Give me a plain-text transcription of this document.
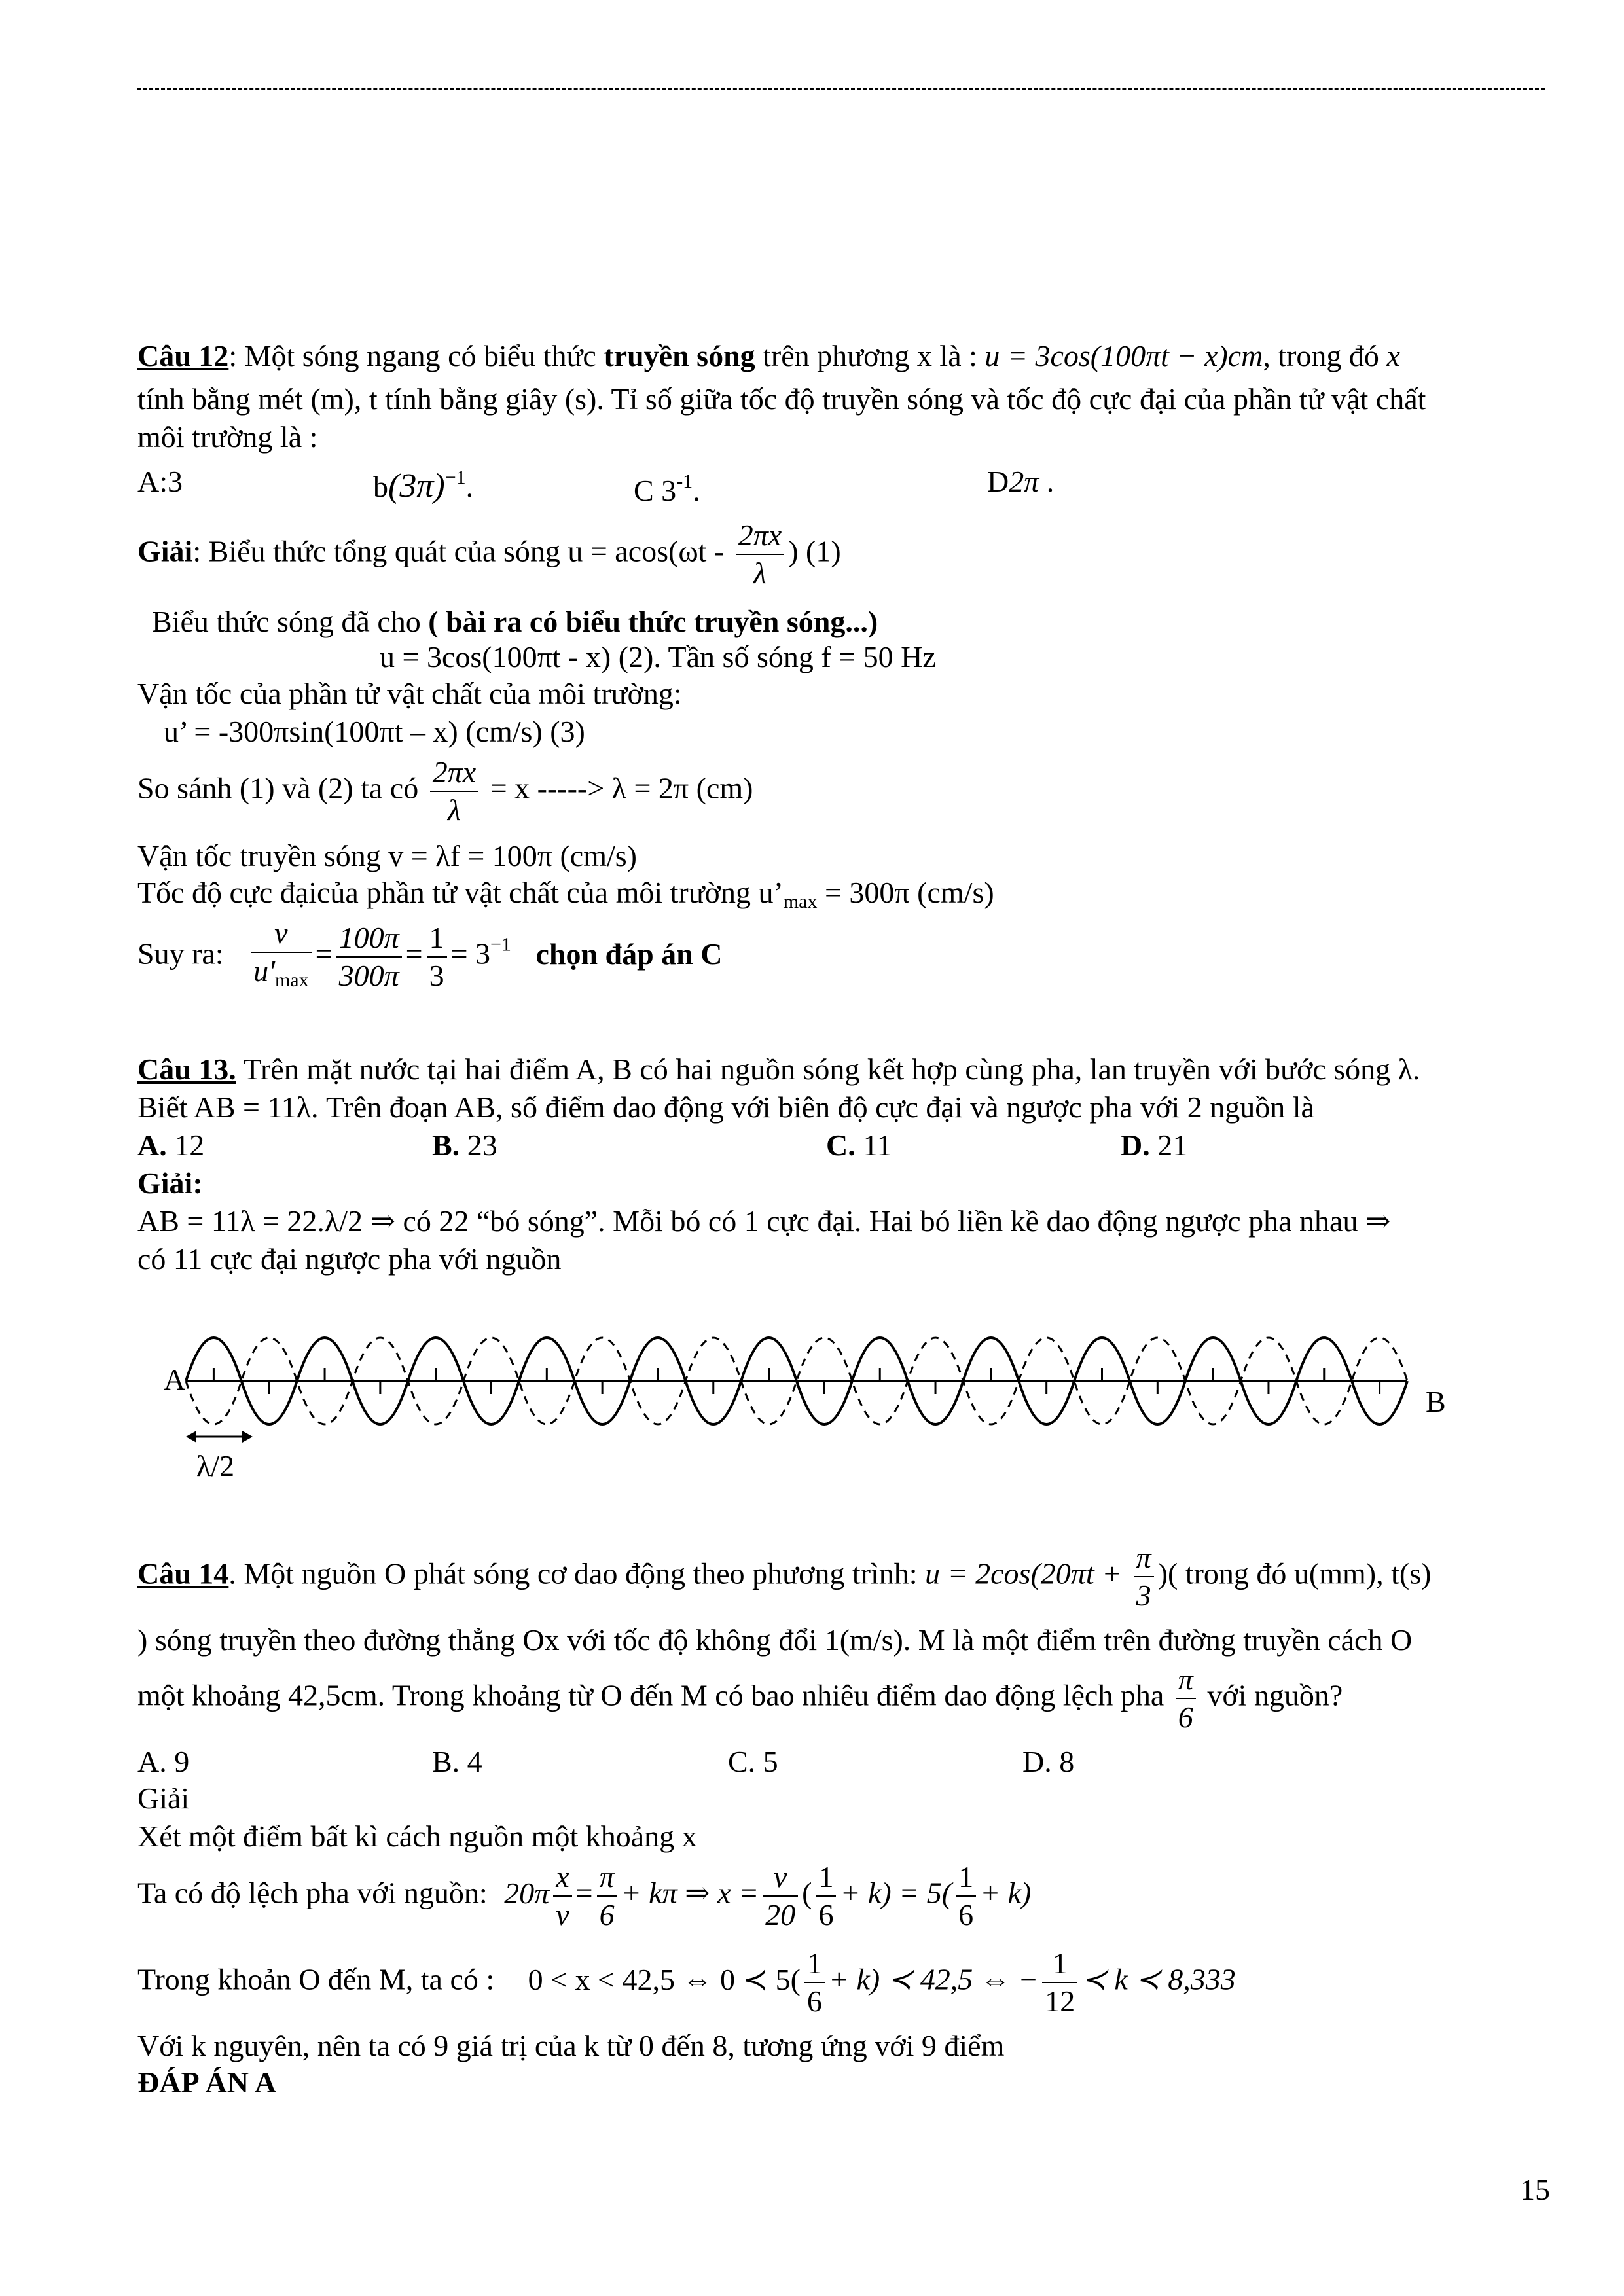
Câu 12: Một sóng ngang có biểu thức truyền sóng trên phương x là : u = 3cos(100πt − x)cm, trong đó x
tính bằng mét (m), t tính bằng giây (s). Tỉ số giữa tốc độ truyền sóng và tốc độ cực đại của phần tử vật chất
môi trường là :
A:3	$b(3\pi)^{-1}$.	C $3^{-1}$.	D2π .
Giải: Biểu thức tổng quát của sóng $u = acos(\omega t - \frac{2\pi x}{\lambda}$ ) (1)
Biểu thức sóng đã cho ( bài ra có biểu thức truyền sóng...)
u = 3cos(100πt - x) (2). Tần số sóng f = 50 Hz
Vận tốc của phần tử vật chất của môi trường:
u’ = -300πsin(100πt – x) (cm/s) (3)
So sánh (1) và (2) ta có $\frac{2\pi x}{\lambda} = x$ -----> λ = 2π (cm)
Vận tốc truyền sóng v = λf = 100π (cm/s)
Tốc độ cực đạicủa phần tử vật chất của môi trường $u’_{max} = 300\pi$ (cm/s)
Suy ra: $\frac{v}{u'_{max}} = \frac{100\pi}{300\pi} = \frac{1}{3} = 3^{-1}$ chọn đáp án C
Câu 13. Trên mặt nước tại hai điểm A, B có hai nguồn sóng kết hợp cùng pha, lan truyền với bước sóng λ.
Biết AB = 11λ. Trên đoạn AB, số điểm dao động với biên độ cực đại và ngược pha với 2 nguồn là
A. 12	B. 23	C. 11	D. 21
Giải:
AB = 11λ = 22.λ/2 ⇒ có 22 “bó sóng”. Mỗi bó có 1 cực đại. Hai bó liền kề dao động ngược pha nhau ⇒
có 11 cực đại ngược pha với nguồn
A
B
λ/2
Câu 14. Một nguồn O phát sóng cơ dao động theo phương trình: $u = 2\cos(20\pi t + \frac{\pi}{3}$ )( trong đó u(mm), t(s)
) sóng truyền theo đường thẳng Ox với tốc độ không đổi 1(m/s). M là một điểm trên đường truyền cách O
một khoảng 42,5cm. Trong khoảng từ O đến M có bao nhiêu điểm dao động lệch pha $\frac{\pi}{6}$ với nguồn?
A. 9	B. 4	C. 5	D. 8
Giải
Xét một điểm bất kì cách nguồn một khoảng x
Ta có độ lệch pha với nguồn: $20\pi \frac{x}{v} = \frac{\pi}{6} + k\pi$ ⇒ $x = \frac{v}{20}$ ( $\frac{1}{6} + k) = 5( \frac{1}{6} + k)$
Trong khoản O đến M, ta có : 0 < x < 42,5 ⇔ 0 ≺ $5( \frac{1}{6} + k)$ ≺ 42,5 ⇔ − $\frac{1}{12}$ ≺ k ≺ 8,333
Với k nguyên, nên ta có 9 giá trị của k từ 0 đến 8, tương ứng với 9 điểm
ĐÁP ÁN A
15
